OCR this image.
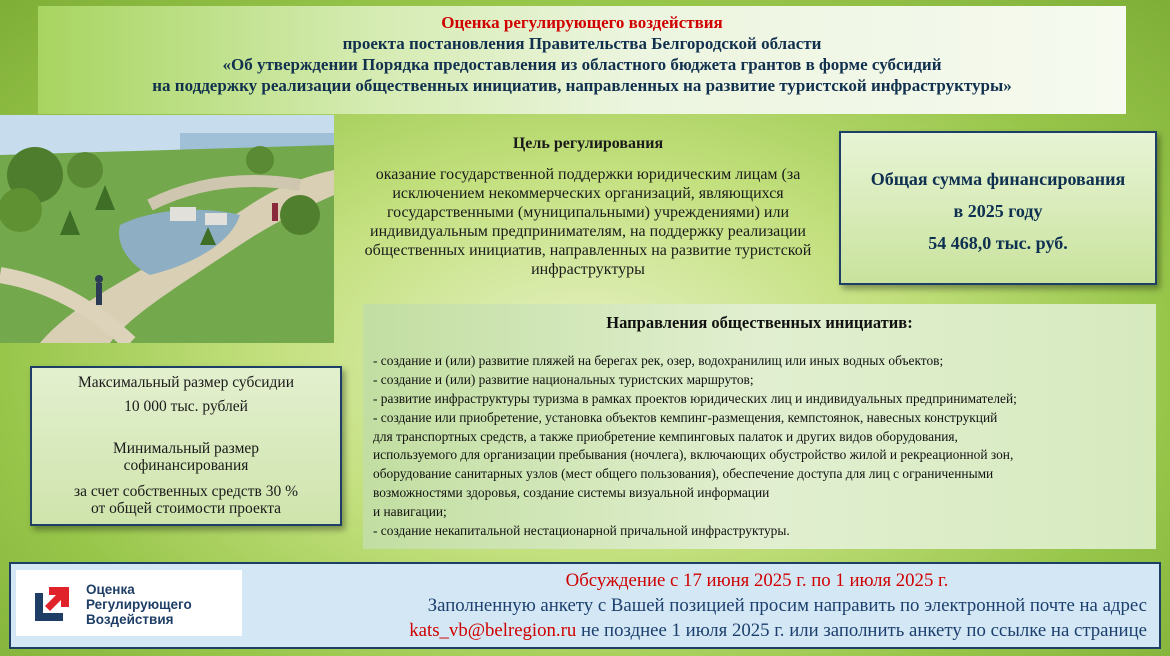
Оценка регулирующего воздействия
проекта постановления Правительства Белгородской области
«Об утверждении Порядка предоставления из областного бюджета грантов в форме субсидий
на поддержку реализации общественных инициатив, направленных на развитие туристской инфраструктуры»
Цель регулирования
оказание государственной поддержки юридическим лицам (за исключением некоммерческих организаций, являющихся государственными (муниципальными) учреждениями) или индивидуальным предпринимателям, на поддержку реализации общественных инициатив, направленных на развитие туристской инфраструктуры
Общая сумма финансирования
в 2025 году
54 468,0 тыс. руб.
Направления общественных инициатив:
- создание и (или) развитие пляжей на берегах рек, озер, водохранилищ или иных водных объектов;
- создание и (или) развитие национальных туристских маршрутов;
- развитие инфраструктуры туризма в рамках проектов юридических лиц и индивидуальных предпринимателей;
- создание или приобретение, установка объектов кемпинг-размещения, кемпстоянок, навесных конструкций
для транспортных средств, а также приобретение кемпинговых палаток и других видов оборудования,
используемого для организации пребывания (ночлега), включающих обустройство жилой и рекреационной зон,
оборудование санитарных узлов (мест общего пользования), обеспечение доступа для лиц с ограниченными
возможностями здоровья, создание системы визуальной информации
и навигации;
- создание некапитальной нестационарной причальной инфраструктуры.

Максимальный размер субсидии

10 000 тыс. рублей

Минимальный размер

софинансирования

за счет собственных средств 30 %

от общей стоимости проекта

Оценка
Регулирующего
Воздействия
Обсуждение с 17 июня 2025 г. по 1 июля 2025 г.
Заполненную анкету с Вашей позицией просим направить по электронной почте на адрес
kats_vb@belregion.ru не позднее 1 июля 2025 г. или заполнить анкету по ссылке на странице
